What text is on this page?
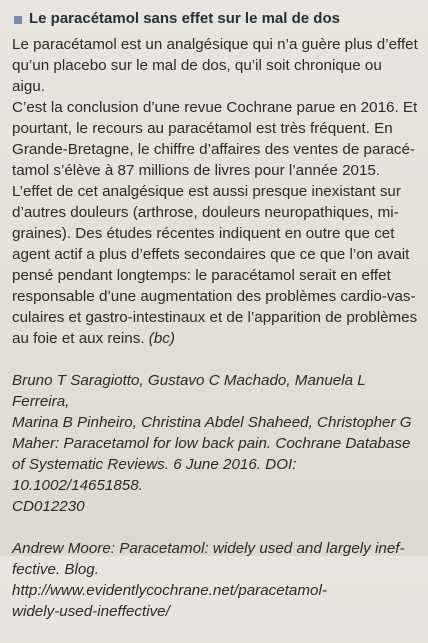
Le paracétamol sans effet sur le mal de dos

Le paracétamol est un analgésique qui n’a guère plus d’effet
qu’un placebo sur le mal de dos, qu’il soit chronique ou aigu.
C’est la conclusion d’une revue Cochrane parue en 2016. Et
pourtant, le recours au paracétamol est très fréquent. En
Grande-Bretagne, le chiffre d’affaires des ventes de paracé-
tamol s’élève à 87 millions de livres pour l’année 2015.
L’effet de cet analgésique est aussi presque inexistant sur
d’autres douleurs (arthrose, douleurs neuropathiques, mi-
graines). Des études récentes indiquent en outre que cet
agent actif a plus d’effets secondaires que ce que l’on avait
pensé pendant longtemps: le paracétamol serait en effet
responsable d’une augmentation des problèmes cardio-vas-
culaires et gastro-intestinaux et de l’apparition de problèmes
au foie et aux reins. (bc)

Bruno T Saragiotto, Gustavo C Machado, Manuela L Ferreira,
Marina B Pinheiro, Christina Abdel Shaheed, Christopher G
Maher: Paracetamol for low back pain. Cochrane Database
of Systematic Reviews. 6 June 2016. DOI: 10.1002/14651858.
CD012230

Andrew Moore: Paracetamol: widely used and largely inef-
fective. Blog. http://www.evidentlycochrane.net/paracetamol-
widely-used-ineffective/
